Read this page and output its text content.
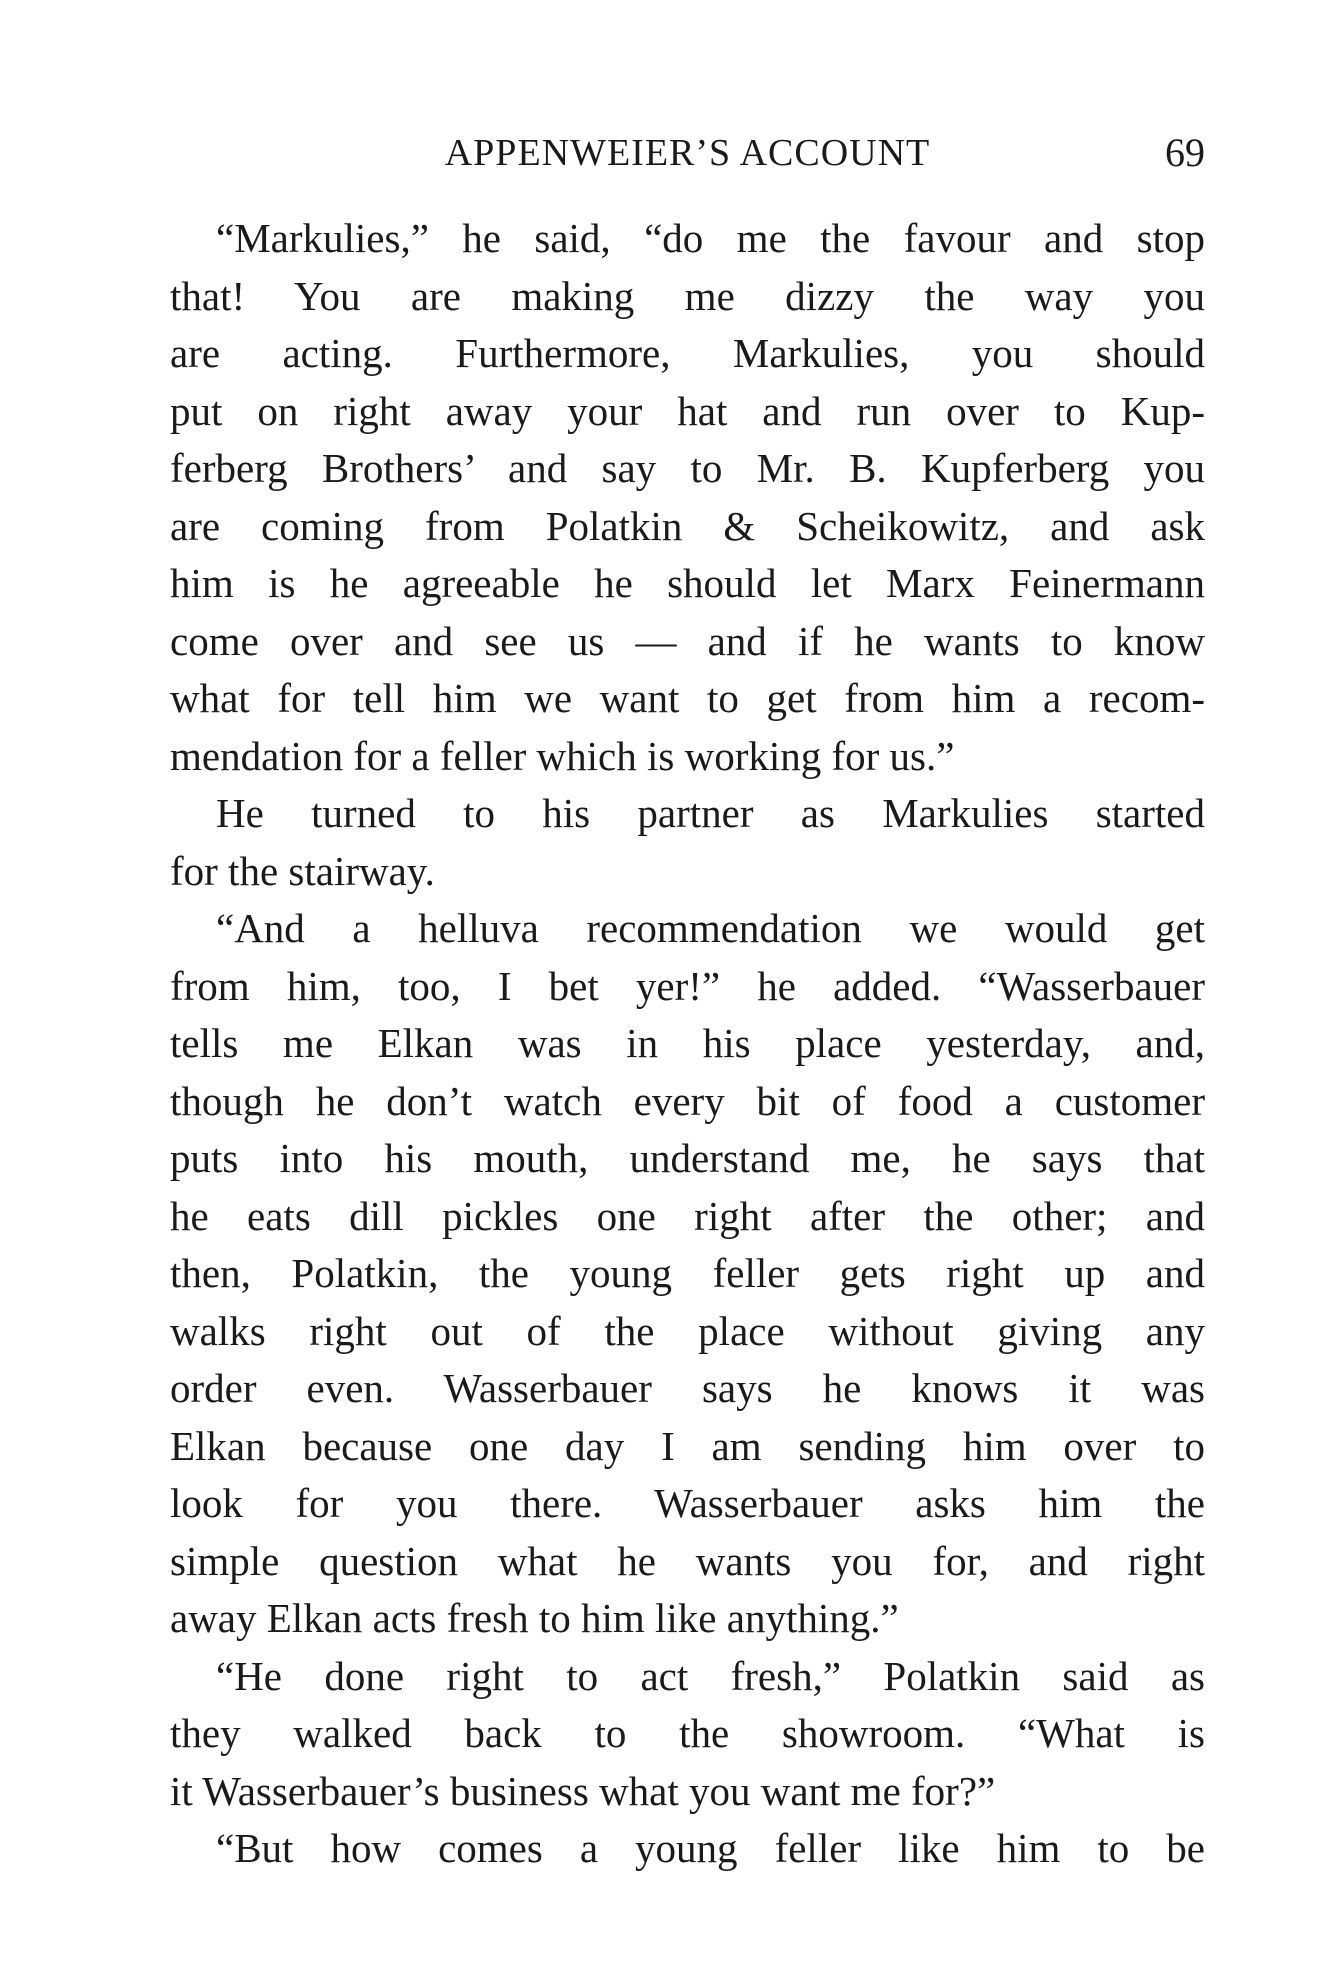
APPENWEIER’S ACCOUNT	69
“Markulies,” he said, “do me the favour and stop
that! You are making me dizzy the way you
are acting. Furthermore, Markulies, you should
put on right away your hat and run over to Kup-
ferberg Brothers’ and say to Mr. B. Kupferberg you
are coming from Polatkin & Scheikowitz, and ask
him is he agreeable he should let Marx Feinermann
come over and see us — and if he wants to know
what for tell him we want to get from him a recom-
mendation for a feller which is working for us.”
He turned to his partner as Markulies started
for the stairway.
“And a helluva recommendation we would get
from him, too, I bet yer!” he added. “Wasserbauer
tells me Elkan was in his place yesterday, and,
though he don’t watch every bit of food a customer
puts into his mouth, understand me, he says that
he eats dill pickles one right after the other; and
then, Polatkin, the young feller gets right up and
walks right out of the place without giving any
order even. Wasserbauer says he knows it was
Elkan because one day I am sending him over to
look for you there. Wasserbauer asks him the
simple question what he wants you for, and right
away Elkan acts fresh to him like anything.”
“He done right to act fresh,” Polatkin said as
they walked back to the showroom. “What is
it Wasserbauer’s business what you want me for?”
“But how comes a young feller like him to be
